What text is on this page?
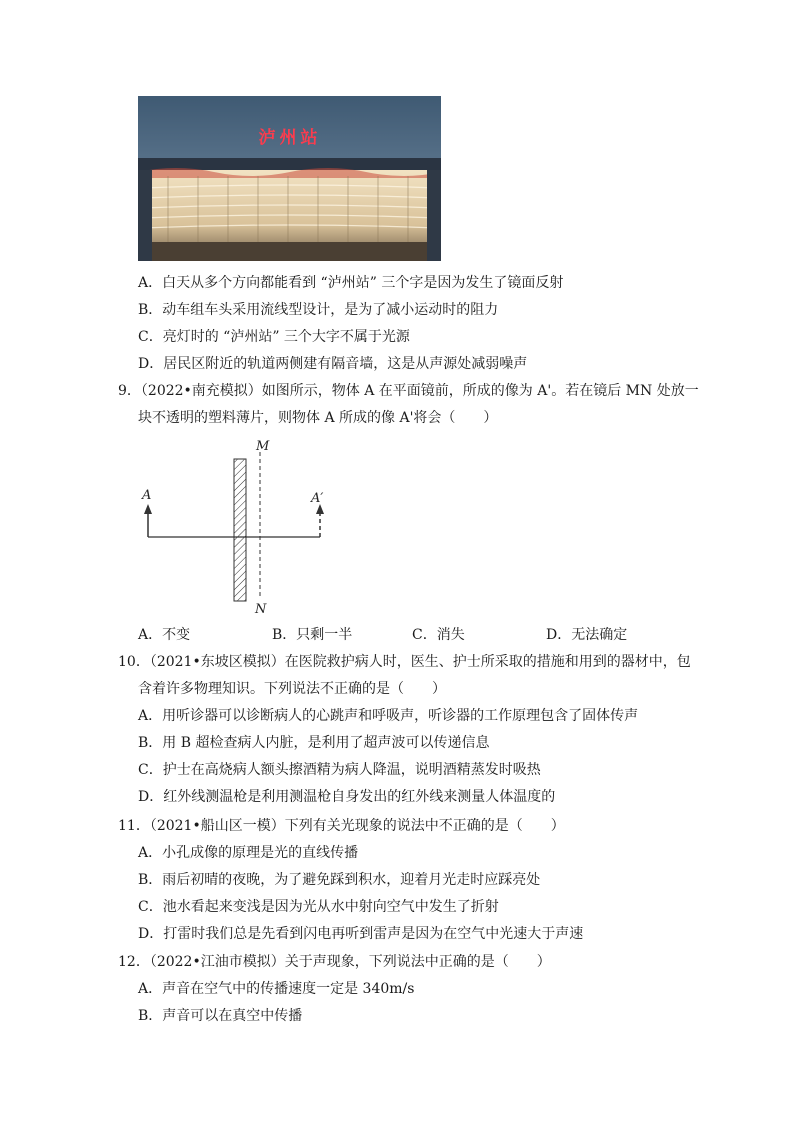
泸州站
A．白天从多个方向都能看到 “泸州站” 三个字是因为发生了镜面反射
B．动车组车头采用流线型设计，是为了减小运动时的阻力
C．亮灯时的 “泸州站” 三个大字不属于光源
D．居民区附近的轨道两侧建有隔音墙，这是从声源处减弱噪声
9．（2022•南充模拟）如图所示，物体 A 在平面镜前，所成的像为 A'。若在镜后 MN 处放一
块不透明的塑料薄片，则物体 A 所成的像 A'将会（　　）
M
N
A	A′
A．不变	B．只剩一半	C．消失	D．无法确定
10．（2021•东坡区模拟）在医院救护病人时，医生、护士所采取的措施和用到的器材中，包
含着许多物理知识。下列说法不正确的是（　　）
A．用听诊器可以诊断病人的心跳声和呼吸声，听诊器的工作原理包含了固体传声
B．用 B 超检查病人内脏，是利用了超声波可以传递信息
C．护士在高烧病人额头擦酒精为病人降温，说明酒精蒸发时吸热
D．红外线测温枪是利用测温枪自身发出的红外线来测量人体温度的
11．（2021•船山区一模）下列有关光现象的说法中不正确的是（　　）
A．小孔成像的原理是光的直线传播
B．雨后初晴的夜晚，为了避免踩到积水，迎着月光走时应踩亮处
C．池水看起来变浅是因为光从水中射向空气中发生了折射
D．打雷时我们总是先看到闪电再听到雷声是因为在空气中光速大于声速
12．（2022•江油市模拟）关于声现象，下列说法中正确的是（　　）
A．声音在空气中的传播速度一定是 340m/s
B．声音可以在真空中传播
